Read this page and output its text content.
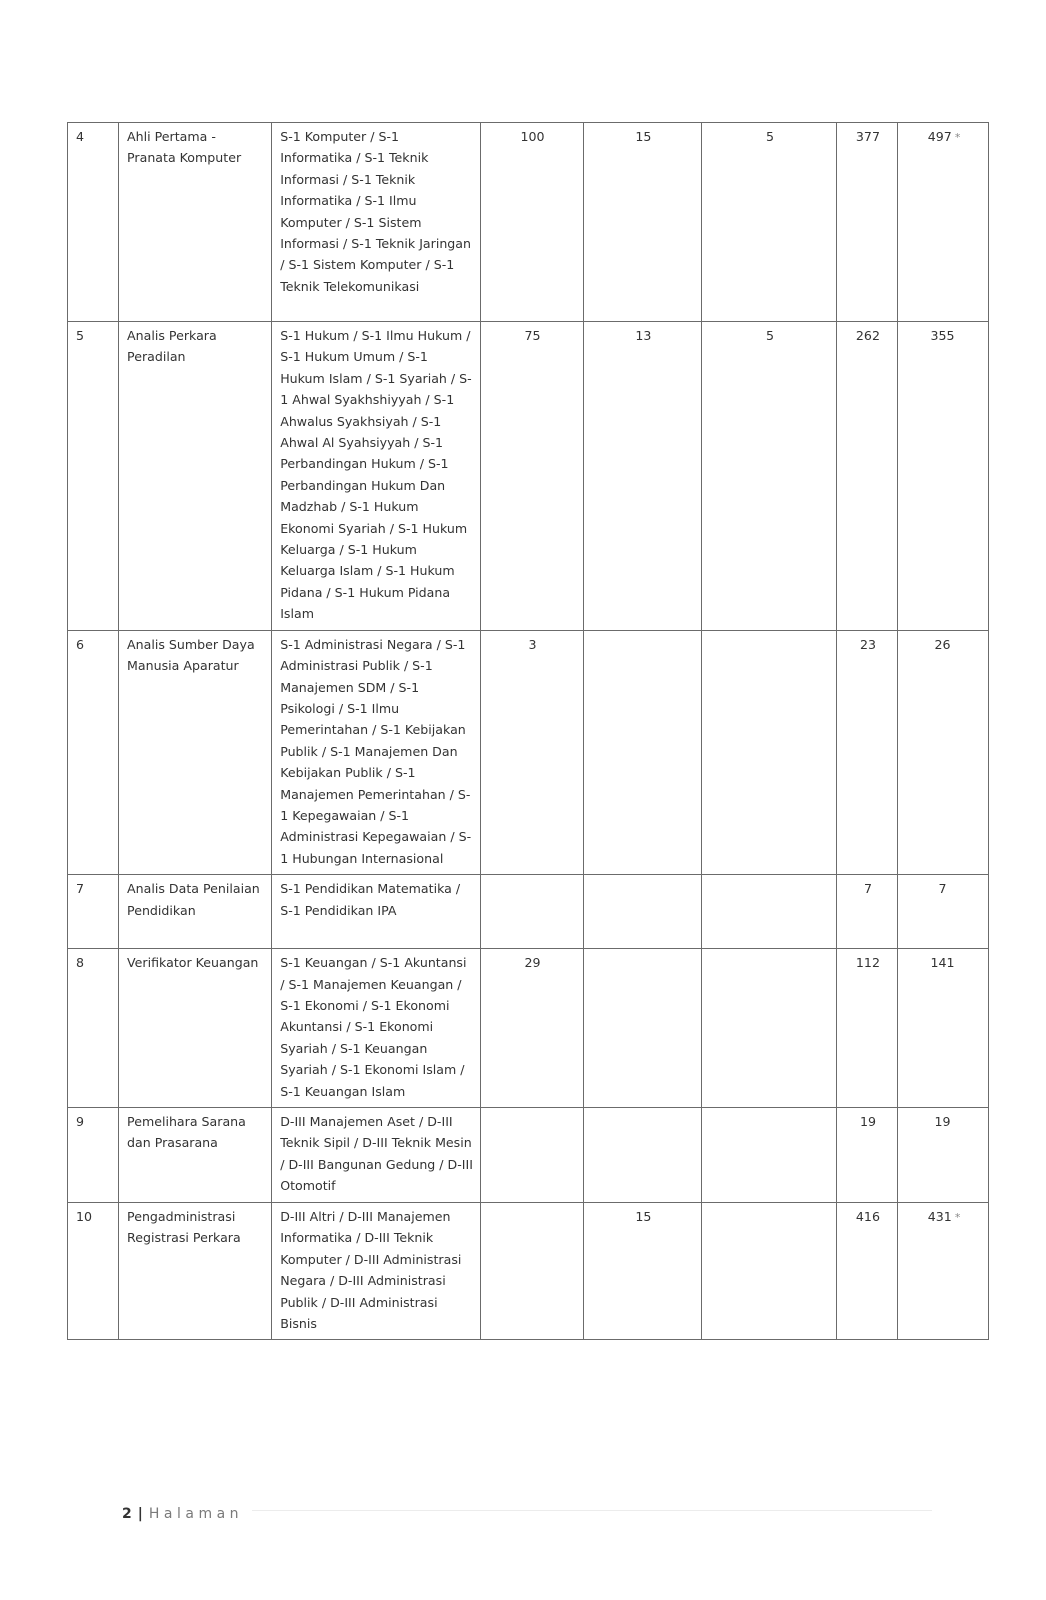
4	Ahli Pertama - Pranata Komputer	S-1 Komputer / S-1 Informatika / S-1 Teknik Informasi / S-1 Teknik Informatika / S-1 Ilmu Komputer / S-1 Sistem Informasi / S-1 Teknik Jaringan / S-1 Sistem Komputer / S-1 Teknik Telekomunikasi	100	15	5	377	497 *
5	Analis Perkara Peradilan	S-1 Hukum / S-1 Ilmu Hukum / S-1 Hukum Umum / S-1 Hukum Islam / S-1 Syariah / S-1 Ahwal Syakhshiyyah / S-1 Ahwalus Syakhsiyah / S-1 Ahwal Al Syahsiyyah / S-1 Perbandingan Hukum / S-1 Perbandingan Hukum Dan Madzhab / S-1 Hukum Ekonomi Syariah / S-1 Hukum Keluarga / S-1 Hukum Keluarga Islam / S-1 Hukum Pidana / S-1 Hukum Pidana Islam	75	13	5	262	355
6	Analis Sumber Daya Manusia Aparatur	S-1 Administrasi Negara / S-1 Administrasi Publik / S-1 Manajemen SDM / S-1 Psikologi / S-1 Ilmu Pemerintahan / S-1 Kebijakan Publik / S-1 Manajemen Dan Kebijakan Publik / S-1 Manajemen Pemerintahan / S-1 Kepegawaian / S-1 Administrasi Kepegawaian / S-1 Hubungan Internasional	3			23	26
7	Analis Data Penilaian Pendidikan	S-1 Pendidikan Matematika / S-1 Pendidikan IPA				7	7
8	Verifikator Keuangan	S-1 Keuangan / S-1 Akuntansi / S-1 Manajemen Keuangan / S-1 Ekonomi / S-1 Ekonomi Akuntansi / S-1 Ekonomi Syariah / S-1 Keuangan Syariah / S-1 Ekonomi Islam / S-1 Keuangan Islam	29			112	141
9	Pemelihara Sarana dan Prasarana	D-III Manajemen Aset / D-III Teknik Sipil / D-III Teknik Mesin / D-III Bangunan Gedung / D-III Otomotif				19	19
10	Pengadministrasi Registrasi Perkara	D-III Altri / D-III Manajemen Informatika / D-III Teknik Komputer / D-III Administrasi Negara / D-III Administrasi Publik / D-III Administrasi Bisnis		15		416	431 *
2 | Halaman
